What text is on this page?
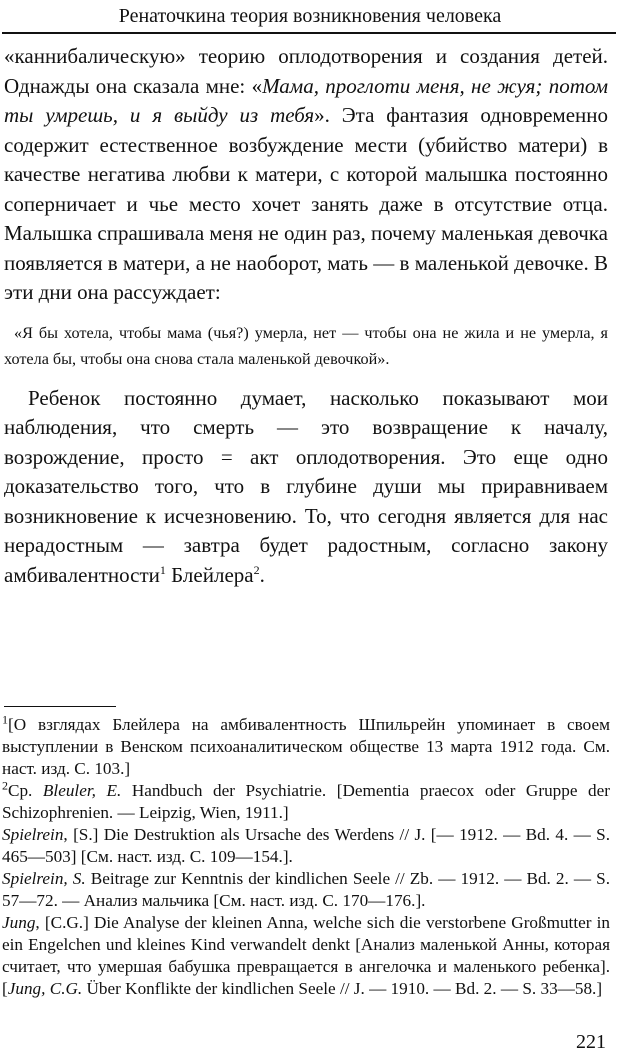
Ренаточкина теория возникновения человека

«каннибалическую» теорию оплодотворения и создания детей. Однажды она сказала мне: «Мама, проглоти меня, не жуя; потом ты умрешь, и я выйду из тебя». Эта фантазия одновременно содержит естественное возбуждение мести (убийство матери) в качестве негатива любви к матери, с которой малышка постоянно соперничает и чье место хочет занять даже в отсутствие отца. Малышка спрашивала меня не один раз, почему маленькая девочка появляется в матери, а не наоборот, мать — в маленькой девочке. В эти дни она рассуждает:

«Я бы хотела, чтобы мама (чья?) умерла, нет — чтобы она не жила и не умерла, я хотела бы, чтобы она снова стала маленькой девочкой».

Ребенок постоянно думает, насколько показывают мои наблюдения, что смерть — это возвращение к началу, возрождение, просто = акт оплодотворения. Это еще одно доказательство того, что в глубине души мы приравниваем возникновение к исчезновению. То, что сегодня является для нас нерадостным — завтра будет радостным, согласно закону амбивалентности$^1$ Блейлера$^2$.

$^1$[О взглядах Блейлера на амбивалентность Шпильрейн упоминает в своем выступлении в Венском психоаналитическом обществе 13 марта 1912 года. См. наст. изд. С. 103.]

$^2$Cp. Bleuler, E. Handbuch der Psychiatrie. [Dementia praecox oder Gruppe der Schizophrenien. — Leipzig, Wien, 1911.]

Spielrein, [S.] Die Destruktion als Ursache des Werdens // J. [— 1912. — Bd. 4. — S. 465—503] [См. наст. изд. С. 109—154.].

Spielrein, S. Beitrage zur Kenntnis der kindlichen Seele // Zb. — 1912. — Bd. 2. — S. 57—72. — Анализ мальчика [См. наст. изд. С. 170—176.].

Jung, [C.G.] Die Analyse der kleinen Anna, welche sich die verstorbene Großmutter in ein Engelchen und kleines Kind verwandelt denkt [Анализ маленькой Анны, которая считает, что умершая бабушка превращается в ангелочка и маленького ребенка]. [Jung, C.G. Über Konflikte der kindlichen Seele // J. — 1910. — Bd. 2. — S. 33—58.]

221
